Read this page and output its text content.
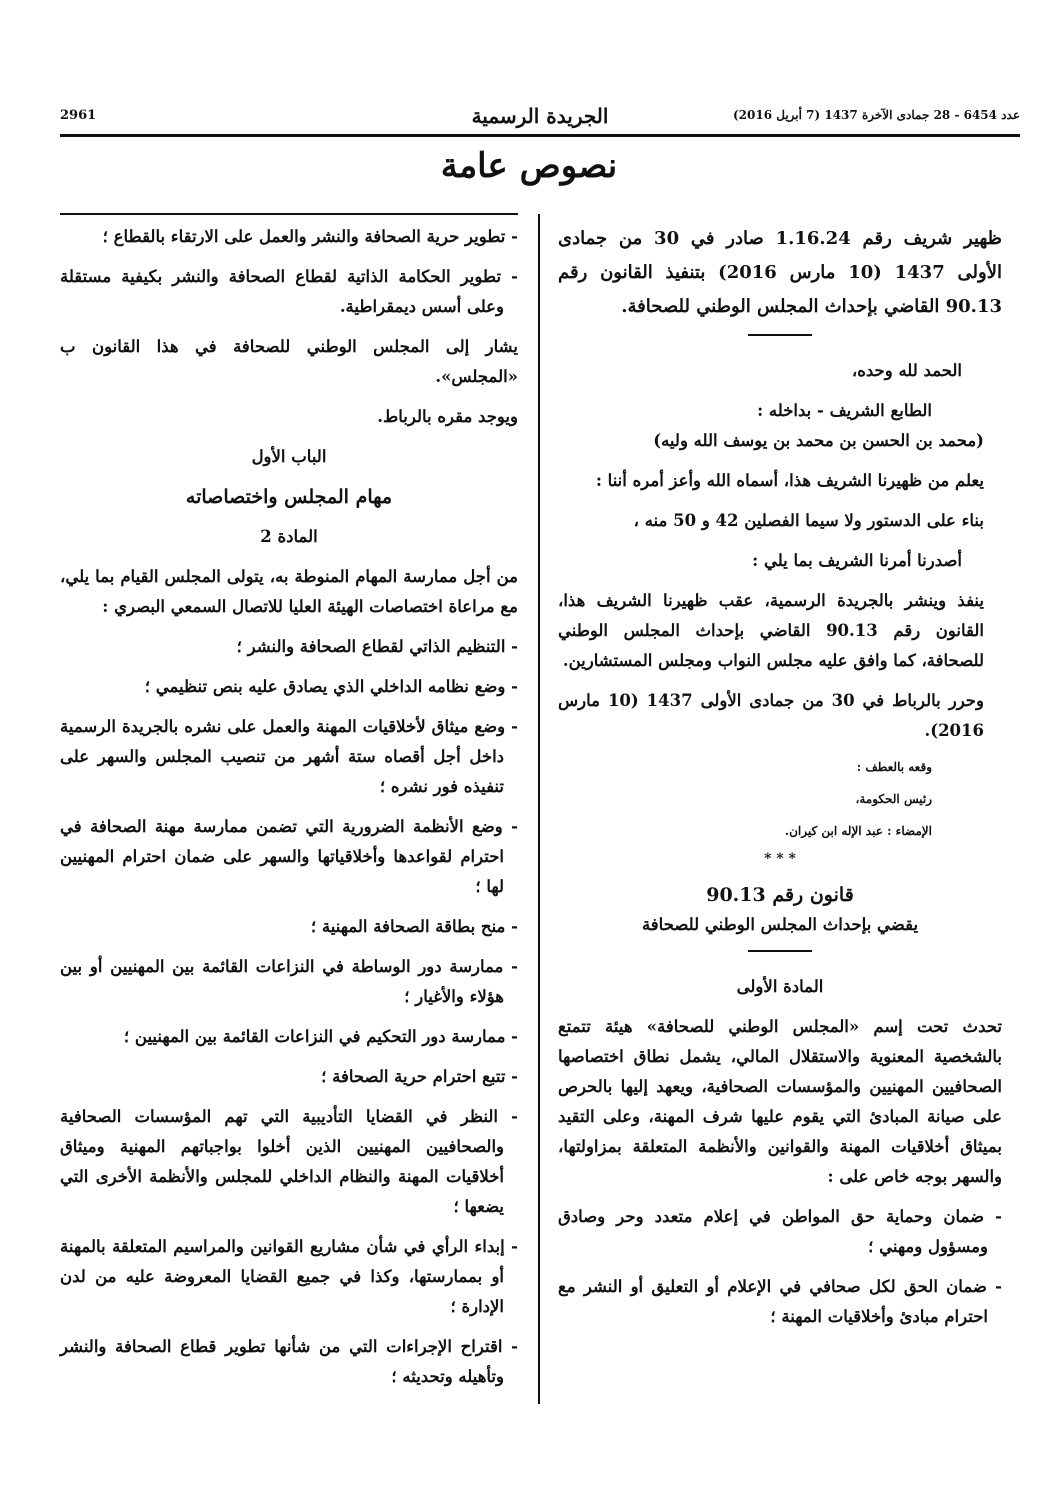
2961	الجريدة الرسمية	عدد 6454 - 28 جمادى الآخرة 1437 (7 أبريل 2016)
نصوص عامة

ظهير شريف رقم 1.16.24 صادر في 30 من جمادى الأولى 1437 (10 مارس 2016) بتنفيذ القانون رقم 90.13 القاضي بإحداث المجلس الوطني للصحافة.

الحمد لله وحده،

الطابع الشريف - بداخله :

(محمد بن الحسن بن محمد بن يوسف الله وليه)

يعلم من ظهيرنا الشريف هذا، أسماه الله وأعز أمره أننا :

بناء على الدستور ولا سيما الفصلين 42 و 50 منه ،

أصدرنا أمرنا الشريف بما يلي :

ينفذ وينشر بالجريدة الرسمية، عقب ظهيرنا الشريف هذا، القانون رقم 90.13 القاضي بإحداث المجلس الوطني للصحافة، كما وافق عليه مجلس النواب ومجلس المستشارين.

وحرر بالرباط في 30 من جمادى الأولى 1437 (10 مارس 2016).

وقعه بالعطف :

رئيس الحكومة،

الإمضاء : عبد الإله ابن كيران.

* * *

قانون رقم 90.13

يقضي بإحداث المجلس الوطني للصحافة

المادة الأولى

تحدث تحت إسم «المجلس الوطني للصحافة» هيئة تتمتع بالشخصية المعنوية والاستقلال المالي، يشمل نطاق اختصاصها الصحافيين المهنيين والمؤسسات الصحافية، ويعهد إليها بالحرص على صيانة المبادئ التي يقوم عليها شرف المهنة، وعلى التقيد بميثاق أخلاقيات المهنة والقوانين والأنظمة المتعلقة بمزاولتها، والسهر بوجه خاص على :

- ضمان وحماية حق المواطن في إعلام متعدد وحر وصادق ومسؤول ومهني ؛

- ضمان الحق لكل صحافي في الإعلام أو التعليق أو النشر مع احترام مبادئ وأخلاقيات المهنة ؛

- تطوير حرية الصحافة والنشر والعمل على الارتقاء بالقطاع ؛

- تطوير الحكامة الذاتية لقطاع الصحافة والنشر بكيفية مستقلة وعلى أسس ديمقراطية.

يشار إلى المجلس الوطني للصحافة في هذا القانون ب «المجلس».

ويوجد مقره بالرباط.

الباب الأول

مهام المجلس واختصاصاته

المادة 2

من أجل ممارسة المهام المنوطة به، يتولى المجلس القيام بما يلي، مع مراعاة اختصاصات الهيئة العليا للاتصال السمعي البصري :

- التنظيم الذاتي لقطاع الصحافة والنشر ؛

- وضع نظامه الداخلي الذي يصادق عليه بنص تنظيمي ؛

- وضع ميثاق لأخلاقيات المهنة والعمل على نشره بالجريدة الرسمية داخل أجل أقصاه ستة أشهر من تنصيب المجلس والسهر على تنفيذه فور نشره ؛

- وضع الأنظمة الضرورية التي تضمن ممارسة مهنة الصحافة في احترام لقواعدها وأخلاقياتها والسهر على ضمان احترام المهنيين لها ؛

- منح بطاقة الصحافة المهنية ؛

- ممارسة دور الوساطة في النزاعات القائمة بين المهنيين أو بين هؤلاء والأغيار ؛

- ممارسة دور التحكيم في النزاعات القائمة بين المهنيين ؛

- تتبع احترام حرية الصحافة ؛

- النظر في القضايا التأديبية التي تهم المؤسسات الصحافية والصحافيين المهنيين الذين أخلوا بواجباتهم المهنية وميثاق أخلاقيات المهنة والنظام الداخلي للمجلس والأنظمة الأخرى التي يضعها ؛

- إبداء الرأي في شأن مشاريع القوانين والمراسيم المتعلقة بالمهنة أو بممارستها، وكذا في جميع القضايا المعروضة عليه من لدن الإدارة ؛

- اقتراح الإجراءات التي من شأنها تطوير قطاع الصحافة والنشر وتأهيله وتحديثه ؛
